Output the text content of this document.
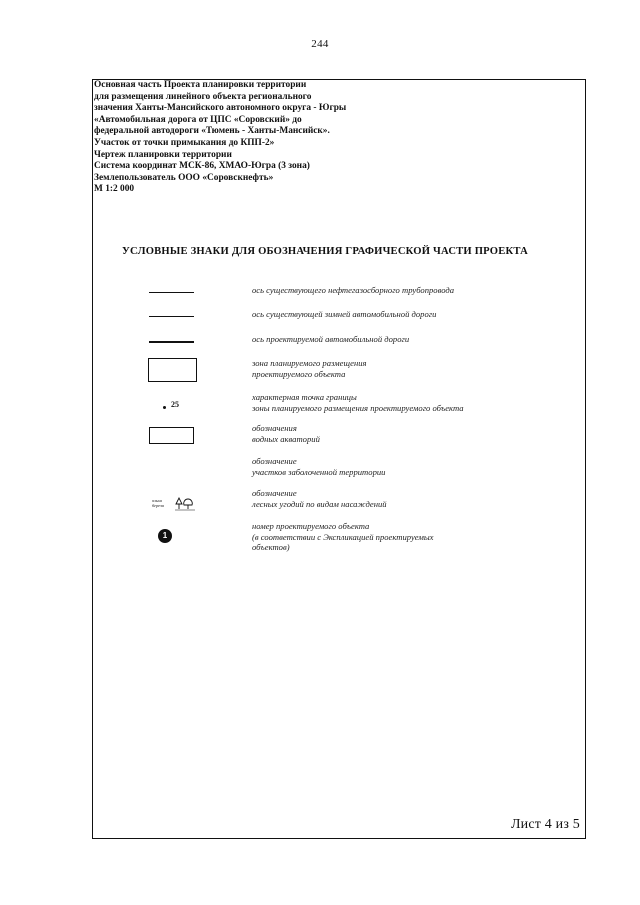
244
Основная часть Проекта планировки территории
для размещения линейного объекта регионального
значения Ханты-Мансийского автономного округа - Югры
«Автомобильная дорога от ЦПС «Соровский» до
федеральной автодороги «Тюмень - Ханты-Мансийск».
Участок от точки примыкания до КПП-2»
Чертеж планировки территории
Система координат МСК-86, ХМАО-Югра (3 зона)
Землепользователь ООО «Соровскнефть»
М 1:2 000
УСЛОВНЫЕ ЗНАКИ ДЛЯ ОБОЗНАЧЕНИЯ ГРАФИЧЕСКОЙ ЧАСТИ ПРОЕКТА
ось существующего нефтегазосборного трубопровода
ось существующей зимней автомобильной дороги
ось проектируемой автомобильной дороги
зона планируемого размещения
проектируемого объекта
25
характерная точка границы
зоны планируемого размещения проектируемого объекта
обозначения
водных акваторий
обозначение
участков заболоченной территории
ольха
береза
обозначение
лесных угодий по видам насаждений
1
номер проектируемого объекта
(в соответствии с Экспликацией проектируемых
объектов)
Лист 4 из 5
